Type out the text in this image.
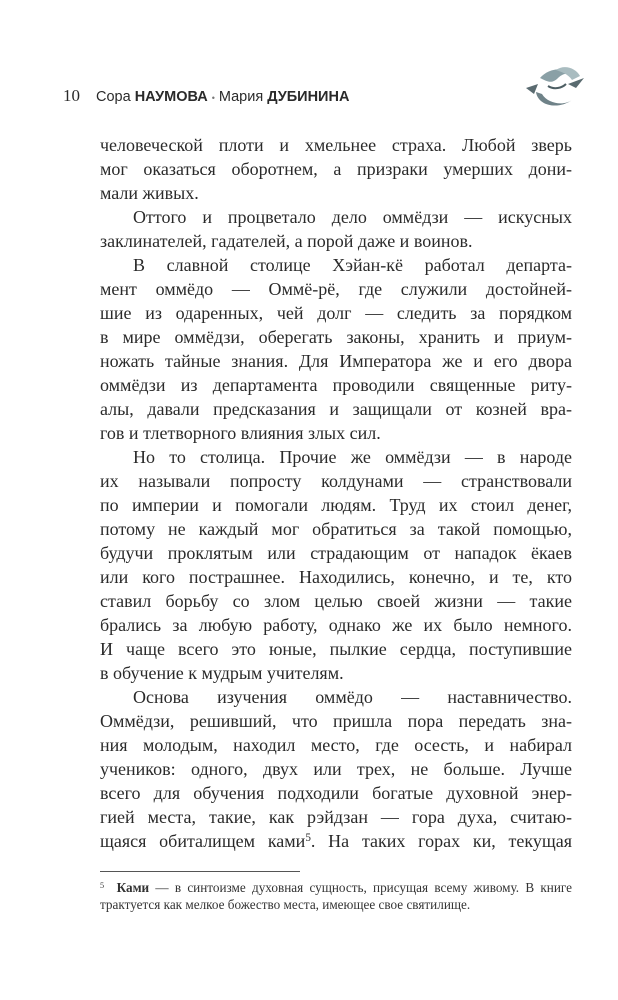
10 Сора НАУМОВА • Мария ДУБИНИНА
человеческой плоти и хмельнее страха. Любой зверь
мог оказаться оборотнем, а призраки умерших дони-
мали живых.
Оттого и процветало дело оммёдзи — искусных
заклинателей, гадателей, а порой даже и воинов.
В славной столице Хэйан-кё работал департа-
мент оммёдо — Оммё-рё, где служили достойней-
шие из одаренных, чей долг — следить за порядком
в мире оммёдзи, оберегать законы, хранить и приум-
ножать тайные знания. Для Императора же и его двора
оммёдзи из департамента проводили священные риту-
алы, давали предсказания и защищали от козней вра-
гов и тлетворного влияния злых сил.
Но то столица. Прочие же оммёдзи — в народе
их называли попросту колдунами — странствовали
по империи и помогали людям. Труд их стоил денег,
потому не каждый мог обратиться за такой помощью,
будучи проклятым или страдающим от нападок ёкаев
или кого пострашнее. Находились, конечно, и те, кто
ставил борьбу со злом целью своей жизни — такие
брались за любую работу, однако же их было немного.
И чаще всего это юные, пылкие сердца, поступившие
в обучение к мудрым учителям.
Основа изучения оммёдо — наставничество.
Оммёдзи, решивший, что пришла пора передать зна-
ния молодым, находил место, где осесть, и набирал
учеников: одного, двух или трех, не больше. Лучше
всего для обучения подходили богатые духовной энер-
гией места, такие, как рэйдзан — гора духа, считаю-
щаяся обиталищем ками$^5$. На таких горах ки, текущая
$^5$ Ками — в синтоизме духовная сущность, присущая всему живому. В книге
трактуется как мелкое божество места, имеющее свое святилище.
